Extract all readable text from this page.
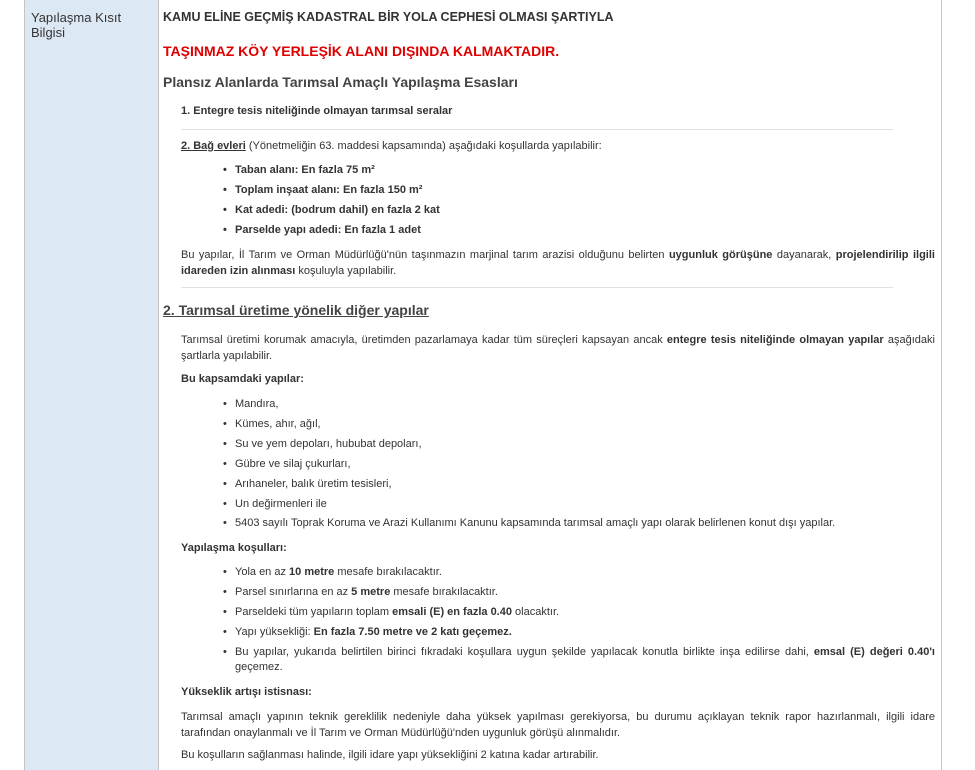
Yapılaşma Kısıt Bilgisi
KAMU ELİNE GEÇMİŞ KADASTRAL BİR YOLA CEPHESİ OLMASI ŞARTIYLA
TAŞINMAZ KÖY YERLEŞİK ALANI DIŞINDA KALMAKTADIR.
Plansız Alanlarda Tarımsal Amaçlı Yapılaşma Esasları
1. Entegre tesis niteliğinde olmayan tarımsal seralar
2. Bağ evleri (Yönetmeliğin 63. maddesi kapsamında) aşağıdaki koşullarda yapılabilir:
• Taban alanı: En fazla 75 m²
• Toplam inşaat alanı: En fazla 150 m²
• Kat adedi: (bodrum dahil) en fazla 2 kat
• Parselde yapı adedi: En fazla 1 adet
Bu yapılar, İl Tarım ve Orman Müdürlüğü'nün taşınmazın marjinal tarım arazisi olduğunu belirten uygunluk görüşüne dayanarak, projelendirilip ilgili idareden izin alınması koşuluyla yapılabilir.
2. Tarımsal üretime yönelik diğer yapılar
Tarımsal üretimi korumak amacıyla, üretimden pazarlamaya kadar tüm süreçleri kapsayan ancak entegre tesis niteliğinde olmayan yapılar aşağıdaki şartlarla yapılabilir.
Bu kapsamdaki yapılar:
• Mandıra,
• Kümes, ahır, ağıl,
• Su ve yem depoları, hububat depoları,
• Gübre ve silaj çukurları,
• Arıhaneler, balık üretim tesisleri,
• Un değirmenleri ile
• 5403 sayılı Toprak Koruma ve Arazi Kullanımı Kanunu kapsamında tarımsal amaçlı yapı olarak belirlenen konut dışı yapılar.
Yapılaşma koşulları:
• Yola en az 10 metre mesafe bırakılacaktır.
• Parsel sınırlarına en az 5 metre mesafe bırakılacaktır.
• Parseldeki tüm yapıların toplam emsali (E) en fazla 0.40 olacaktır.
• Yapı yüksekliği: En fazla 7.50 metre ve 2 katı geçemez.
• Bu yapılar, yukarıda belirtilen birinci fıkradaki koşullara uygun şekilde yapılacak konutla birlikte inşa edilirse dahi, emsal (E) değeri 0.40'ı geçemez.
Yükseklik artışı istisnası:
Tarımsal amaçlı yapının teknik gereklilik nedeniyle daha yüksek yapılması gerekiyorsa, bu durumu açıklayan teknik rapor hazırlanmalı, ilgili idare tarafından onaylanmalı ve İl Tarım ve Orman Müdürlüğü'nden uygunluk görüşü alınmalıdır.
Bu koşulların sağlanması halinde, ilgili idare yapı yüksekliğini 2 katına kadar artırabilir.
